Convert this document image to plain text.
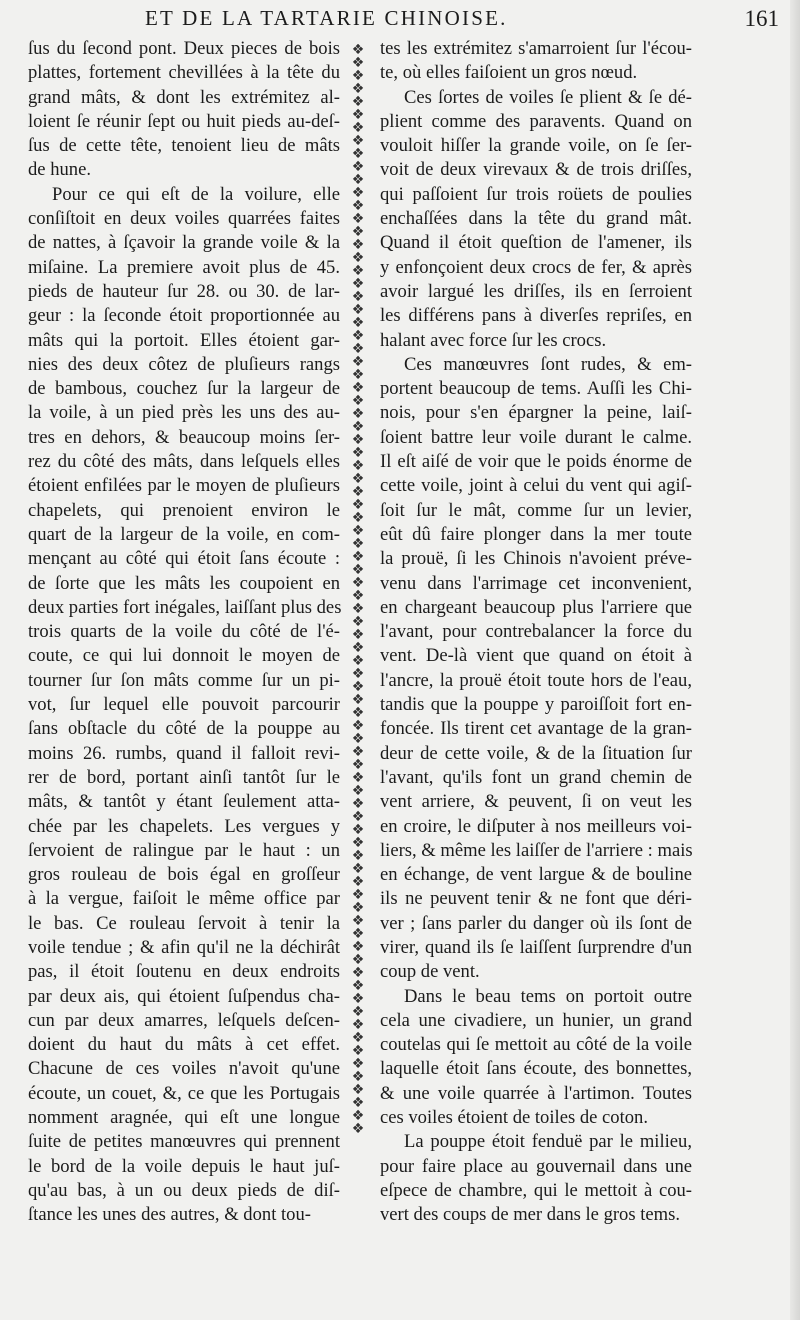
ET DE LA TARTARIE CHINOISE.	161
ſus du ſecond pont. Deux pieces de bois
plattes, fortement chevillées à la tête du
grand mâts, & dont les extrémitez al-
loient ſe réunir ſept ou huit pieds au-deſ-
ſus de cette tête, tenoient lieu de mâts
de hune.
Pour ce qui eſt de la voilure, elle
conſiſtoit en deux voiles quarrées faites
de nattes, à ſçavoir la grande voile & la
miſaine. La premiere avoit plus de 45.
pieds de hauteur ſur 28. ou 30. de lar-
geur : la ſeconde étoit proportionnée au
mâts qui la portoit. Elles étoient gar-
nies des deux côtez de pluſieurs rangs
de bambous, couchez ſur la largeur de
la voile, à un pied près les uns des au-
tres en dehors, & beaucoup moins ſer-
rez du côté des mâts, dans leſquels elles
étoient enfilées par le moyen de pluſieurs
chapelets, qui prenoient environ le
quart de la largeur de la voile, en com-
mençant au côté qui étoit ſans écoute :
de ſorte que les mâts les coupoient en
deux parties fort inégales, laiſſant plus des
trois quarts de la voile du côté de l'é-
coute, ce qui lui donnoit le moyen de
tourner ſur ſon mâts comme ſur un pi-
vot, ſur lequel elle pouvoit parcourir
ſans obſtacle du côté de la pouppe au
moins 26. rumbs, quand il falloit revi-
rer de bord, portant ainſi tantôt ſur le
mâts, & tantôt y étant ſeulement atta-
chée par les chapelets. Les vergues y
ſervoient de ralingue par le haut : un
gros rouleau de bois égal en groſſeur
à la vergue, faiſoit le même office par
le bas. Ce rouleau ſervoit à tenir la
voile tendue ; & afin qu'il ne la déchirât
pas, il étoit ſoutenu en deux endroits
par deux ais, qui étoient ſuſpendus cha-
cun par deux amarres, leſquels deſcen-
doient du haut du mâts à cet effet.
Chacune de ces voiles n'avoit qu'une
écoute, un couet, &, ce que les Portugais
nomment aragnée, qui eſt une longue
ſuite de petites manœuvres qui prennent
le bord de la voile depuis le haut juſ-
qu'au bas, à un ou deux pieds de diſ-
ſtance les unes des autres, & dont tou-
❖
❖
❖
❖
❖
❖
❖
❖
❖
❖
❖
❖
❖
❖
❖
❖
❖
❖
❖
❖
❖
❖
❖
❖
❖
❖
❖
❖
❖
❖
❖
❖
❖
❖
❖
❖
❖
❖
❖
❖
❖
❖
❖
❖
❖
❖
❖
❖
❖
❖
❖
❖
❖
❖
❖
❖
❖
❖
❖
❖
❖
❖
❖
❖
❖
❖
❖
❖
❖
❖
❖
❖
❖
❖
❖
❖
❖
❖
❖
❖
❖
❖
❖
❖
tes les extrémitez s'amarroient ſur l'écou-
te, où elles faiſoient un gros nœud.
Ces ſortes de voiles ſe plient & ſe dé-
plient comme des paravents. Quand on
vouloit hiſſer la grande voile, on ſe ſer-
voit de deux virevaux & de trois driſſes,
qui paſſoient ſur trois roüets de poulies
enchaſſées dans la tête du grand mât.
Quand il étoit queſtion de l'amener, ils
y enfonçoient deux crocs de fer, & après
avoir largué les driſſes, ils en ſerroient
les différens pans à diverſes repriſes, en
halant avec force ſur les crocs.
Ces manœuvres ſont rudes, & em-
portent beaucoup de tems. Auſſi les Chi-
nois, pour s'en épargner la peine, laiſ-
ſoient battre leur voile durant le calme.
Il eſt aiſé de voir que le poids énorme de
cette voile, joint à celui du vent qui agiſ-
ſoit ſur le mât, comme ſur un levier,
eût dû faire plonger dans la mer toute
la prouë, ſi les Chinois n'avoient préve-
venu dans l'arrimage cet inconvenient,
en chargeant beaucoup plus l'arriere que
l'avant, pour contrebalancer la force du
vent. De-là vient que quand on étoit à
l'ancre, la prouë étoit toute hors de l'eau,
tandis que la pouppe y paroiſſoit fort en-
foncée. Ils tirent cet avantage de la gran-
deur de cette voile, & de la ſituation ſur
l'avant, qu'ils font un grand chemin de
vent arriere, & peuvent, ſi on veut les
en croire, le diſputer à nos meilleurs voi-
liers, & même les laiſſer de l'arriere : mais
en échange, de vent largue & de bouline
ils ne peuvent tenir & ne font que déri-
ver ; ſans parler du danger où ils ſont de
virer, quand ils ſe laiſſent ſurprendre d'un
coup de vent.
Dans le beau tems on portoit outre
cela une civadiere, un hunier, un grand
coutelas qui ſe mettoit au côté de la voile
laquelle étoit ſans écoute, des bonnettes,
& une voile quarrée à l'artimon. Toutes
ces voiles étoient de toiles de coton.
La pouppe étoit fenduë par le milieu,
pour faire place au gouvernail dans une
eſpece de chambre, qui le mettoit à cou-
vert des coups de mer dans le gros tems.
